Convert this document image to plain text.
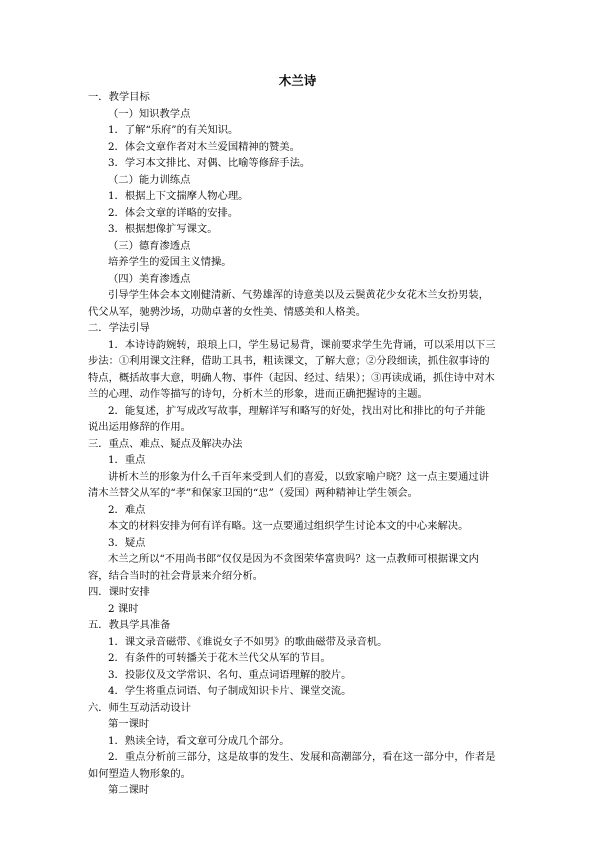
木兰诗
一．教学目标
（一）知识教学点
1．了解“乐府”的有关知识。
2．体会文章作者对木兰爱国精神的赞美。
3．学习本文排比、对偶、比喻等修辞手法。
（二）能力训练点
1．根据上下文揣摩人物心理。
2．体会文章的详略的安排。
3．根据想像扩写课文。
（三）德育渗透点
培养学生的爱国主义情操。
（四）美育渗透点
引导学生体会本文刚健清新、气势雄浑的诗意美以及云鬓黄花少女花木兰女扮男装，
代父从军，驰骋沙场，功勋卓著的女性美、情感美和人格美。
二．学法引导
1．本诗诗韵婉转，琅琅上口，学生易记易背，课前要求学生先背诵，可以采用以下三
步法：①利用课文注释，借助工具书，粗读课文，了解大意；②分段细读，抓住叙事诗的
特点，概括故事大意，明确人物、事件（起因、经过、结果）；③再读成诵，抓住诗中对木
兰的心理、动作等描写的诗句，分析木兰的形象，进而正确把握诗的主题。
2．能复述，扩写成改写故事，理解详写和略写的好处，找出对比和排比的句子并能
说出运用修辞的作用。
三．重点、难点、疑点及解决办法
1．重点
讲析木兰的形象为什么千百年来受到人们的喜爱，以致家喻户晓？这一点主要通过讲
清木兰替父从军的“孝”和保家卫国的“忠”（爱国）两种精神让学生领会。
2．难点
本文的材料安排为何有详有略。这一点要通过组织学生讨论本文的中心来解决。
3．疑点
木兰之所以“不用尚书郎”仅仅是因为不贪图荣华富贵吗？这一点教师可根据课文内
容，结合当时的社会背景来介绍分析。
四．课时安排
2 课时
五．教具学具准备
1．课文录音磁带、《谁说女子不如男》的歌曲磁带及录音机。
2．有条件的可转播关于花木兰代父从军的节目。
3．投影仪及文学常识、名句、重点词语理解的胶片。
4．学生将重点词语、句子制成知识卡片、课堂交流。
六．师生互动活动设计
第一课时
1．熟读全诗，看文章可分成几个部分。
2．重点分析前三部分，这是故事的发生、发展和高潮部分，看在这一部分中，作者是
如何塑造人物形象的。
第二课时
